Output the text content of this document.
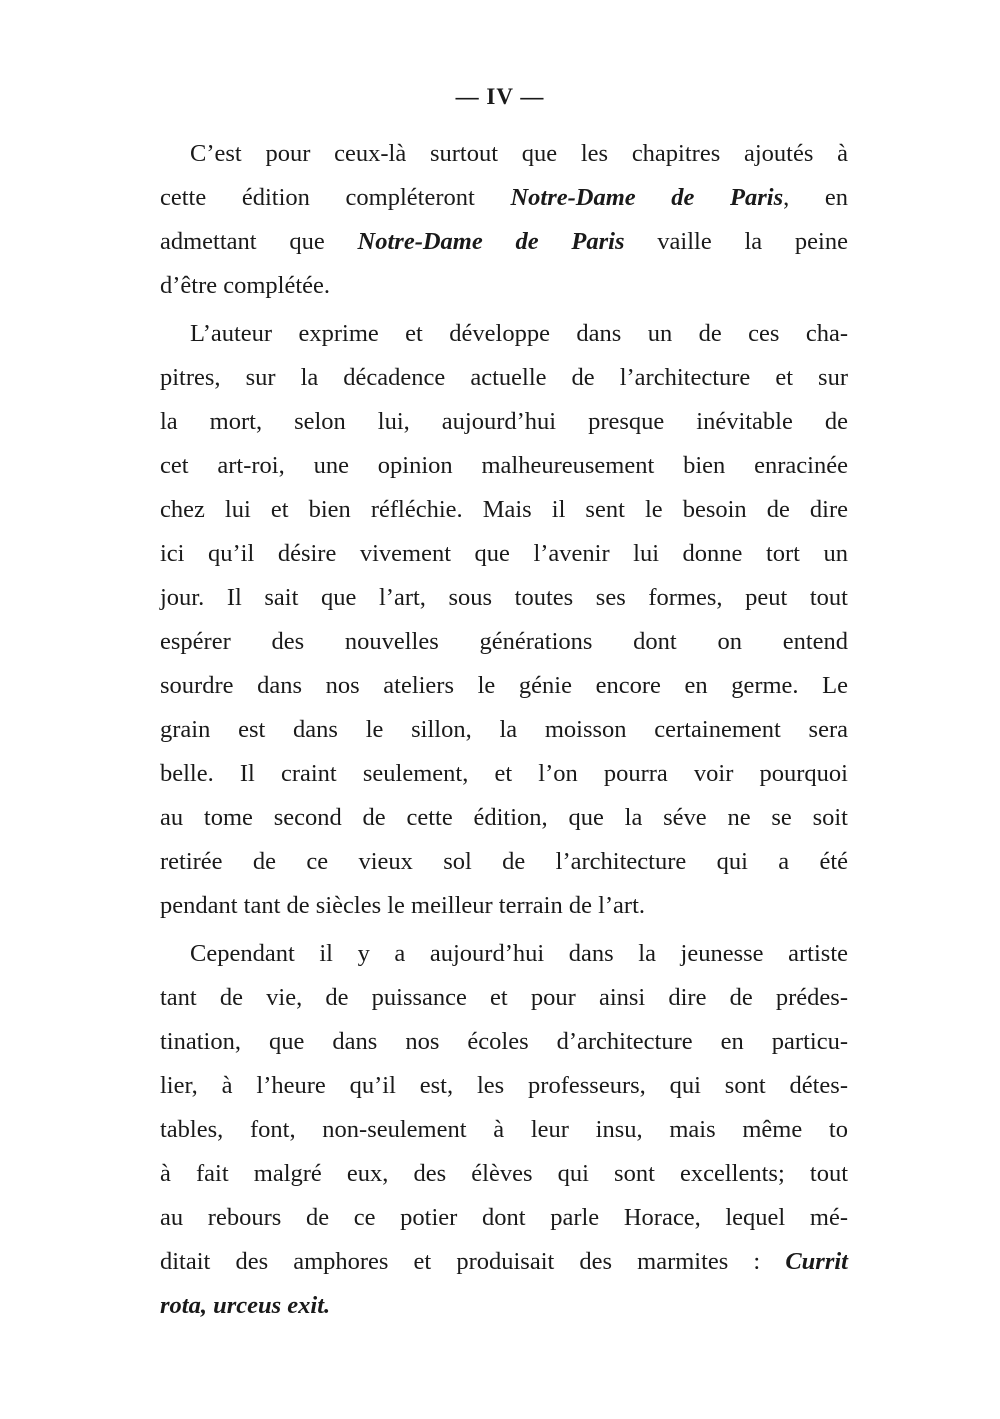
— IV —
C’est pour ceux-là surtout que les chapitres ajoutés à
cette édition compléteront Notre-Dame de Paris, en
admettant que Notre-Dame de Paris vaille la peine
d’être complétée.
L’auteur exprime et développe dans un de ces cha-
pitres, sur la décadence actuelle de l’architecture et sur
la mort, selon lui, aujourd’hui presque inévitable de
cet art-roi, une opinion malheureusement bien enracinée
chez lui et bien réfléchie. Mais il sent le besoin de dire
ici qu’il désire vivement que l’avenir lui donne tort un
jour. Il sait que l’art, sous toutes ses formes, peut tout
espérer des nouvelles générations dont on entend
sourdre dans nos ateliers le génie encore en germe. Le
grain est dans le sillon, la moisson certainement sera
belle. Il craint seulement, et l’on pourra voir pourquoi
au tome second de cette édition, que la séve ne se soit
retirée de ce vieux sol de l’architecture qui a été
pendant tant de siècles le meilleur terrain de l’art.
Cependant il y a aujourd’hui dans la jeunesse artiste
tant de vie, de puissance et pour ainsi dire de prédes-
tination, que dans nos écoles d’architecture en particu-
lier, à l’heure qu’il est, les professeurs, qui sont détes-
tables, font, non-seulement à leur insu, mais même to
à fait malgré eux, des élèves qui sont excellents; tout
au rebours de ce potier dont parle Horace, lequel mé-
ditait des amphores et produisait des marmites : Currit
rota, urceus exit.
